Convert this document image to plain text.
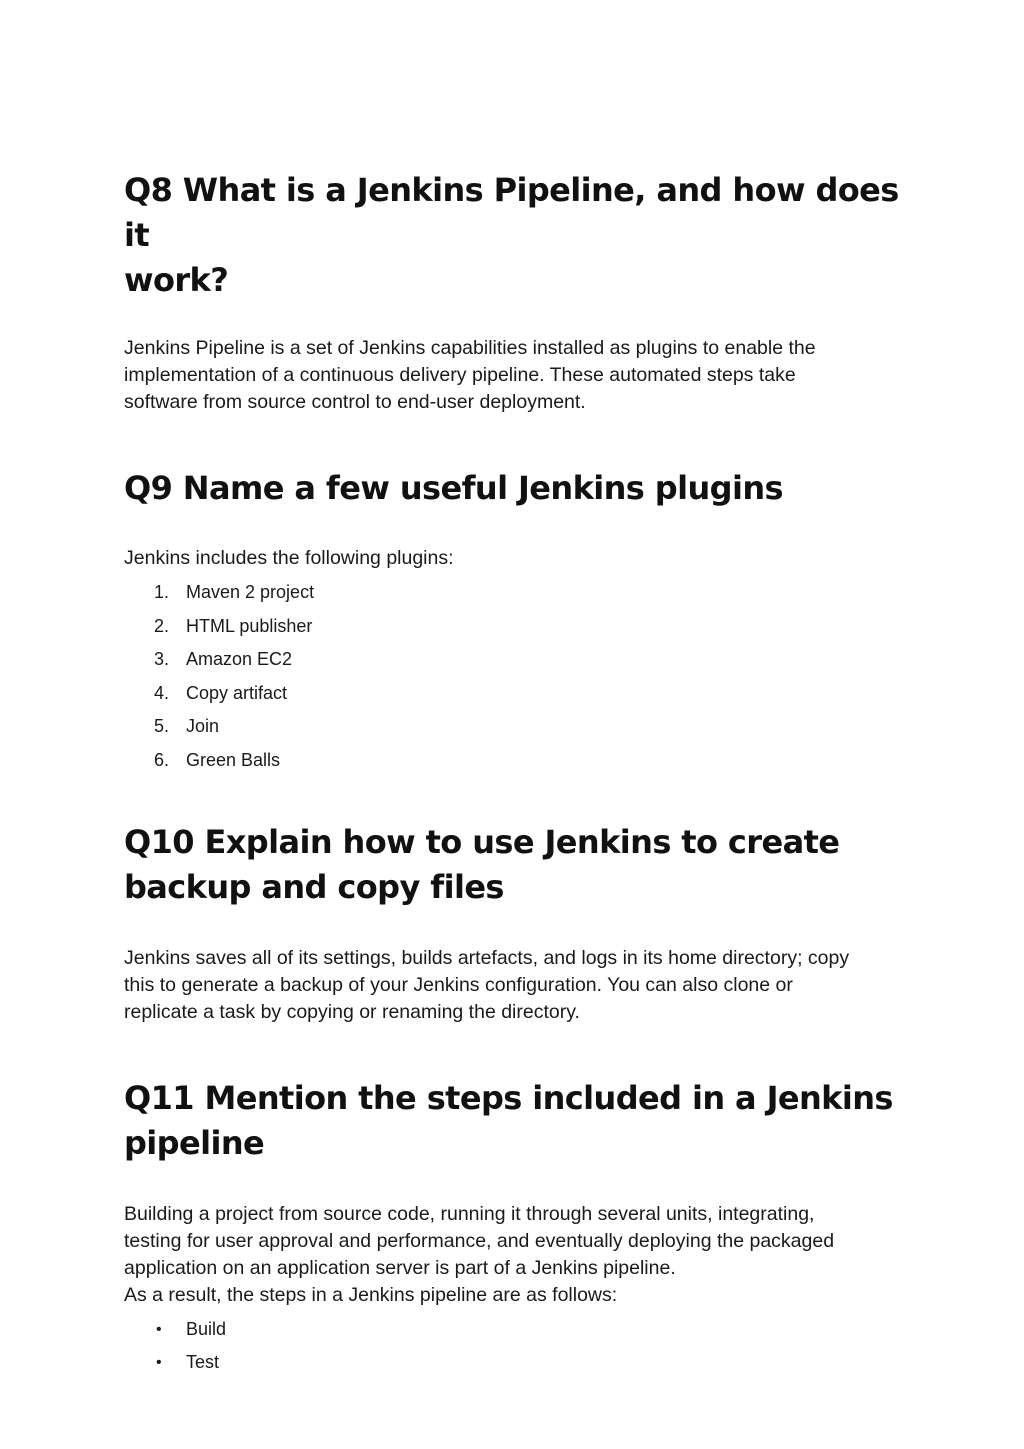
Q8 What is a Jenkins Pipeline, and how does it
work?

Jenkins Pipeline is a set of Jenkins capabilities installed as plugins to enable the
implementation of a continuous delivery pipeline. These automated steps take
software from source control to end-user deployment.

Q9 Name a few useful Jenkins plugins

Jenkins includes the following plugins:

1. Maven 2 project
2. HTML publisher
3. Amazon EC2
4. Copy artifact
5. Join
6. Green Balls
Q10 Explain how to use Jenkins to create
backup and copy files

Jenkins saves all of its settings, builds artefacts, and logs in its home directory; copy
this to generate a backup of your Jenkins configuration. You can also clone or
replicate a task by copying or renaming the directory.

Q11 Mention the steps included in a Jenkins
pipeline

Building a project from source code, running it through several units, integrating,
testing for user approval and performance, and eventually deploying the packaged
application on an application server is part of a Jenkins pipeline.
As a result, the steps in a Jenkins pipeline are as follows:

•	Build
•	Test
